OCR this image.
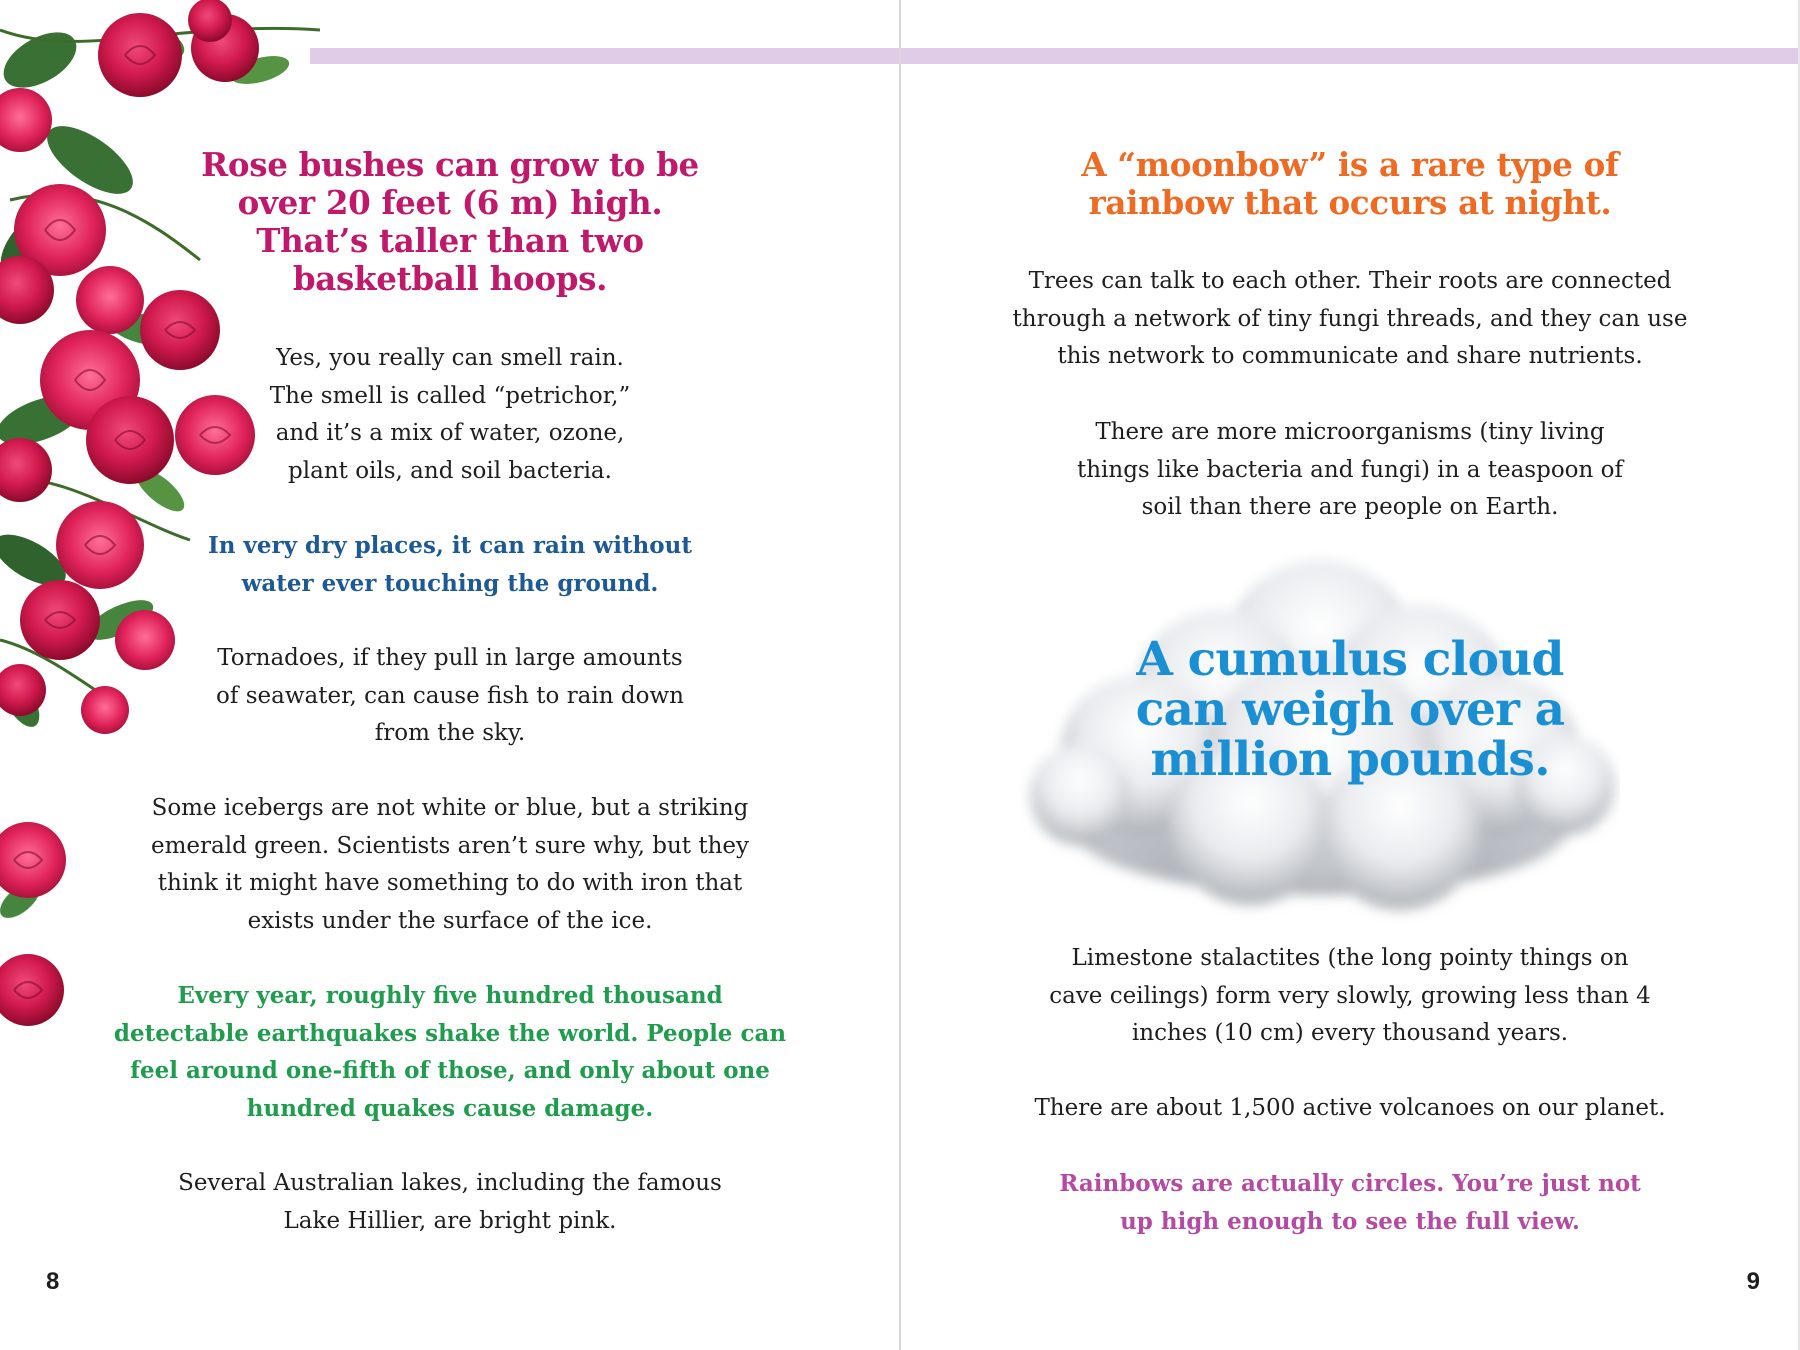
Rose bushes can grow to be over 20 feet (6 m) high. That’s taller than two basketball hoops.

Yes, you really can smell rain. The smell is called “petrichor,” and it’s a mix of water, ozone, plant oils, and soil bacteria.

In very dry places, it can rain without water ever touching the ground.

Tornadoes, if they pull in large amounts of seawater, can cause fish to rain down from the sky.

Some icebergs are not white or blue, but a striking emerald green. Scientists aren’t sure why, but they think it might have something to do with iron that exists under the surface of the ice.

Every year, roughly five hundred thousand detectable earthquakes shake the world. People can feel around one-fifth of those, and only about one hundred quakes cause damage.

Several Australian lakes, including the famous Lake Hillier, are bright pink.

8
A “moonbow” is a rare type of rainbow that occurs at night.

Trees can talk to each other. Their roots are connected through a network of tiny fungi threads, and they can use this network to communicate and share nutrients.

There are more microorganisms (tiny living things like bacteria and fungi) in a teaspoon of soil than there are people on Earth.

9
A cumulus cloud can weigh over a million pounds.

Limestone stalactites (the long pointy things on cave ceilings) form very slowly, growing less than 4 inches (10 cm) every thousand years.

There are about 1,500 active volcanoes on our planet.

Rainbows are actually circles. You’re just not up high enough to see the full view.
